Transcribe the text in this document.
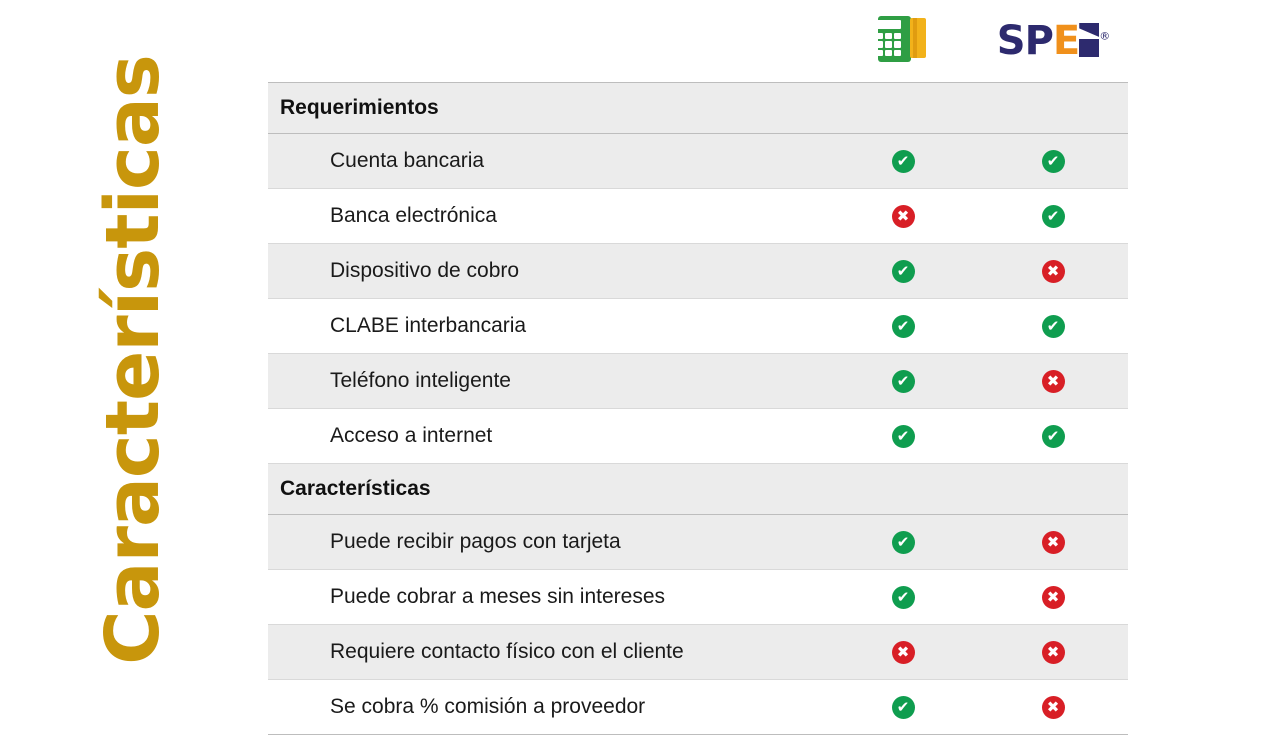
Características

	SPE ®
Requerimientos		
Cuenta bancaria	✔	✔

Banca electrónica	✖	✔

Dispositivo de cobro	✔	✖

CLABE interbancaria	✔	✔

Teléfono inteligente	✔	✖

Acceso a internet	✔	✔

Características		
Puede recibir pagos con tarjeta	✔	✖

Puede cobrar a meses sin intereses	✔	✖

Requiere contacto físico con el cliente	✖	✖

Se cobra % comisión a proveedor	✔	✖
